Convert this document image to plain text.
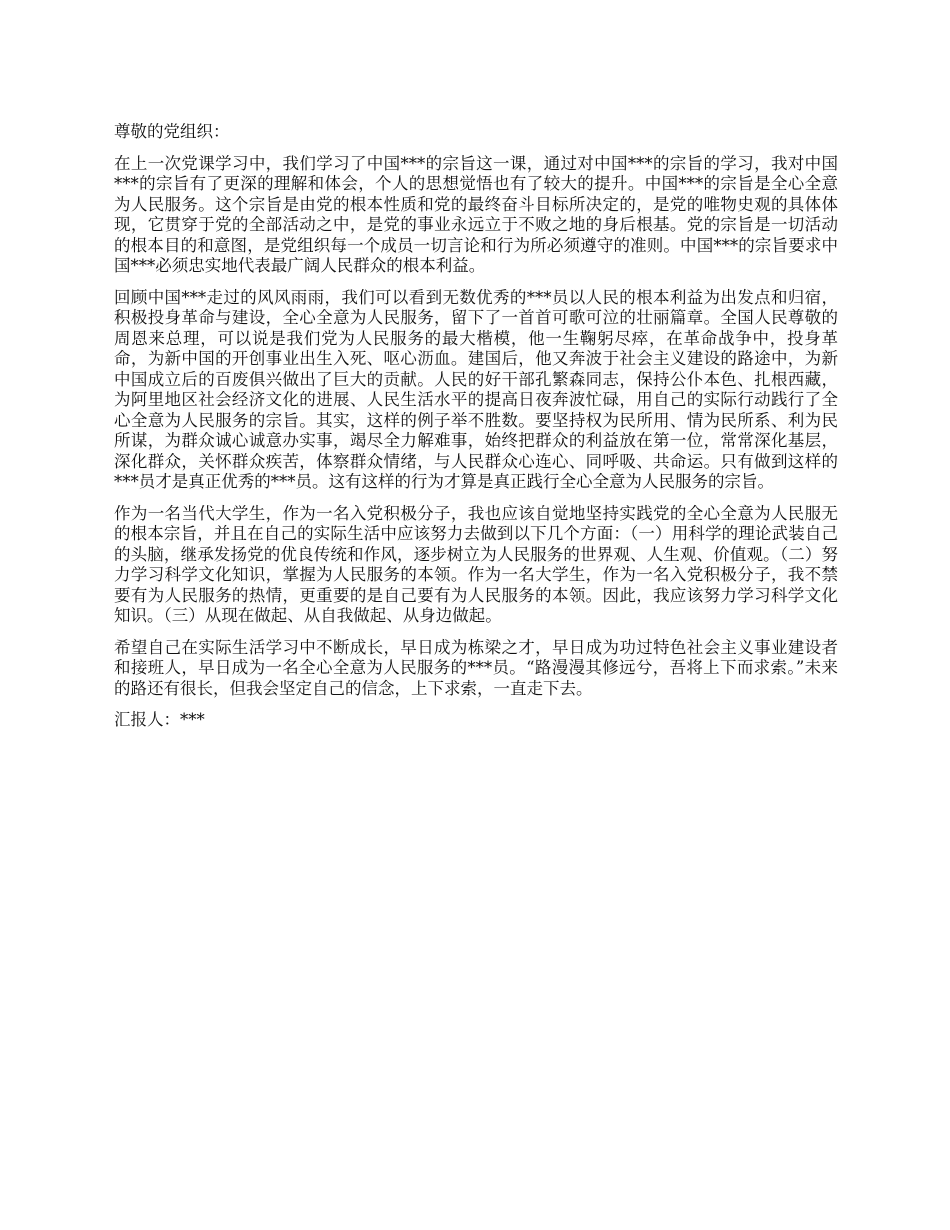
尊敬的党组织：

在上一次党课学习中，我们学习了中国***的宗旨这一课，通过对中国***的宗旨的学习，我对中国***的宗旨有了更深的理解和体会，个人的思想觉悟也有了较大的提升。中国***的宗旨是全心全意为人民服务。这个宗旨是由党的根本性质和党的最终奋斗目标所决定的，是党的唯物史观的具体体现，它贯穿于党的全部活动之中，是党的事业永远立于不败之地的身后根基。党的宗旨是一切活动的根本目的和意图，是党组织每一个成员一切言论和行为所必须遵守的准则。中国***的宗旨要求中国***必须忠实地代表最广阔人民群众的根本利益。

回顾中国***走过的风风雨雨，我们可以看到无数优秀的***员以人民的根本利益为出发点和归宿，积极投身革命与建设，全心全意为人民服务，留下了一首首可歌可泣的壮丽篇章。全国人民尊敬的周恩来总理，可以说是我们党为人民服务的最大楷模，他一生鞠躬尽瘁，在革命战争中，投身革命，为新中国的开创事业出生入死、呕心沥血。建国后，他又奔波于社会主义建设的路途中，为新中国成立后的百废俱兴做出了巨大的贡献。人民的好干部孔繁森同志，保持公仆本色、扎根西藏，为阿里地区社会经济文化的进展、人民生活水平的提高日夜奔波忙碌，用自己的实际行动践行了全心全意为人民服务的宗旨。其实，这样的例子举不胜数。要坚持权为民所用、情为民所系、利为民所谋，为群众诚心诚意办实事，竭尽全力解难事，始终把群众的利益放在第一位，常常深化基层，深化群众，关怀群众疾苦，体察群众情绪，与人民群众心连心、同呼吸、共命运。只有做到这样的***员才是真正优秀的***员。这有这样的行为才算是真正践行全心全意为人民服务的宗旨。

作为一名当代大学生，作为一名入党积极分子，我也应该自觉地坚持实践党的全心全意为人民服无的根本宗旨，并且在自己的实际生活中应该努力去做到以下几个方面：（一）用科学的理论武装自己的头脑，继承发扬党的优良传统和作风，逐步树立为人民服务的世界观、人生观、价值观。（二）努力学习科学文化知识，掌握为人民服务的本领。作为一名大学生，作为一名入党积极分子，我不禁要有为人民服务的热情，更重要的是自己要有为人民服务的本领。因此，我应该努力学习科学文化知识。（三）从现在做起、从自我做起、从身边做起。

希望自己在实际生活学习中不断成长，早日成为栋梁之才，早日成为功过特色社会主义事业建设者和接班人，早日成为一名全心全意为人民服务的***员。“路漫漫其修远兮，吾将上下而求索。”未来的路还有很长，但我会坚定自己的信念，上下求索，一直走下去。

汇报人：***
